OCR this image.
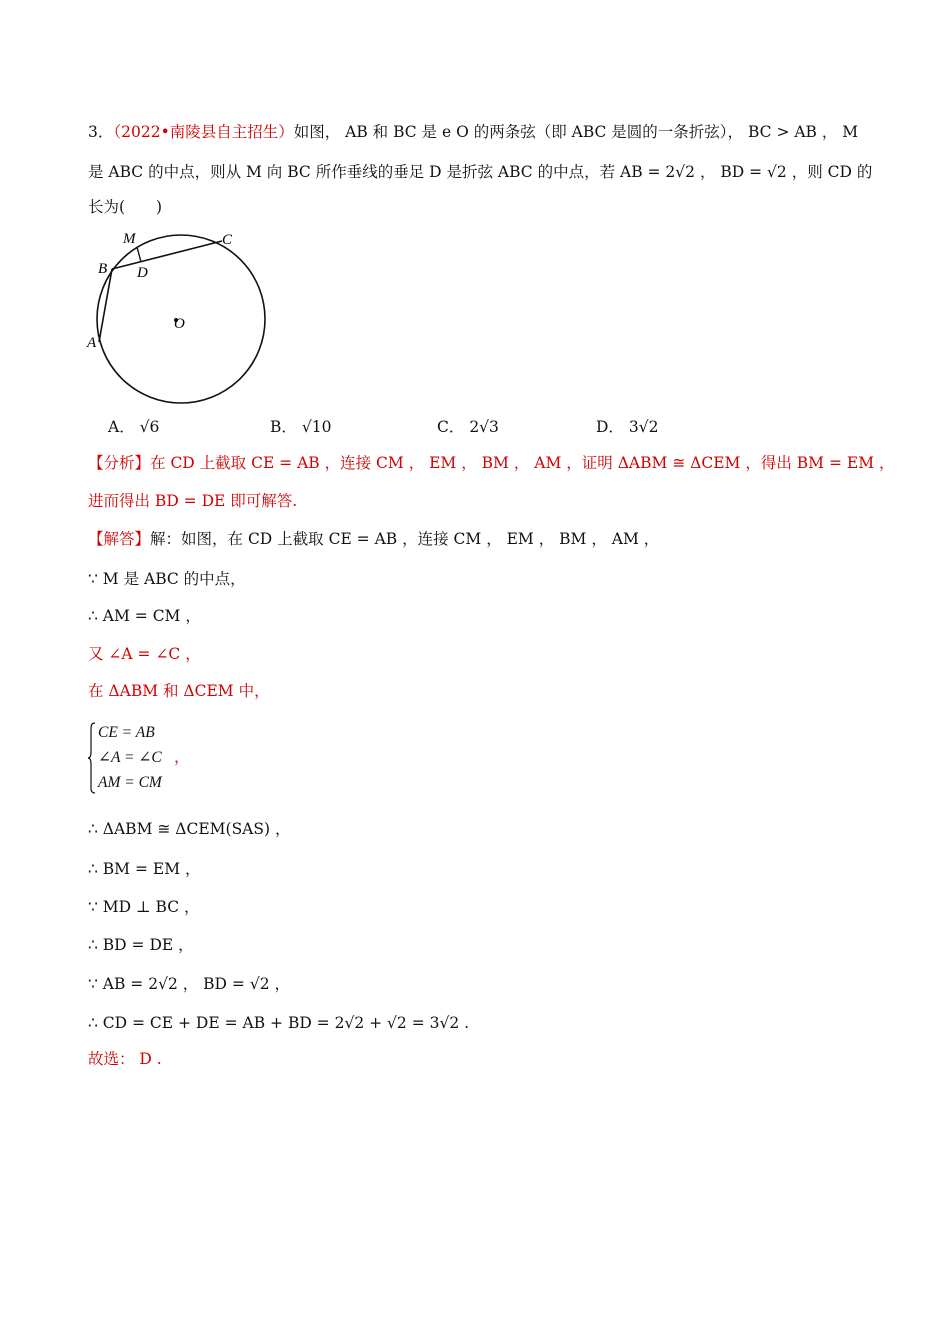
3．（2022•南陵县自主招生）如图， AB 和 BC 是 e O 的两条弦（即 ABC 是圆的一条折弦）， BC > AB ， M
是 ABC 的中点，则从 M 向 BC 所作垂线的垂足 D 是折弦 ABC 的中点，若 AB = 2√2 ， BD = √2 ，则 CD 的
长为(　　)
M	C
B D
O
A
A． √6	B． √10	C． 2√3	D． 3√2
【分析】在 CD 上截取 CE = AB ，连接 CM ， EM ， BM ， AM ，证明 ΔABM ≅ ΔCEM ，得出 BM = EM ，
进而得出 BD = DE 即可解答.
【解答】解：如图，在 CD 上截取 CE = AB ，连接 CM ， EM ， BM ， AM ，
∵ M 是 ABC 的中点，
∴ AM = CM ，
又 ∠A = ∠C ，
在 ΔABM 和 ΔCEM 中，
CE = AB
∠A = ∠C
AM = CM
，
∴ ΔABM ≅ ΔCEM(SAS) ，
∴ BM = EM ，
∵ MD ⊥ BC ，
∴ BD = DE ，
∵ AB = 2√2 ， BD = √2 ，
∴ CD = CE + DE = AB + BD = 2√2 + √2 = 3√2 .
故选： D .
